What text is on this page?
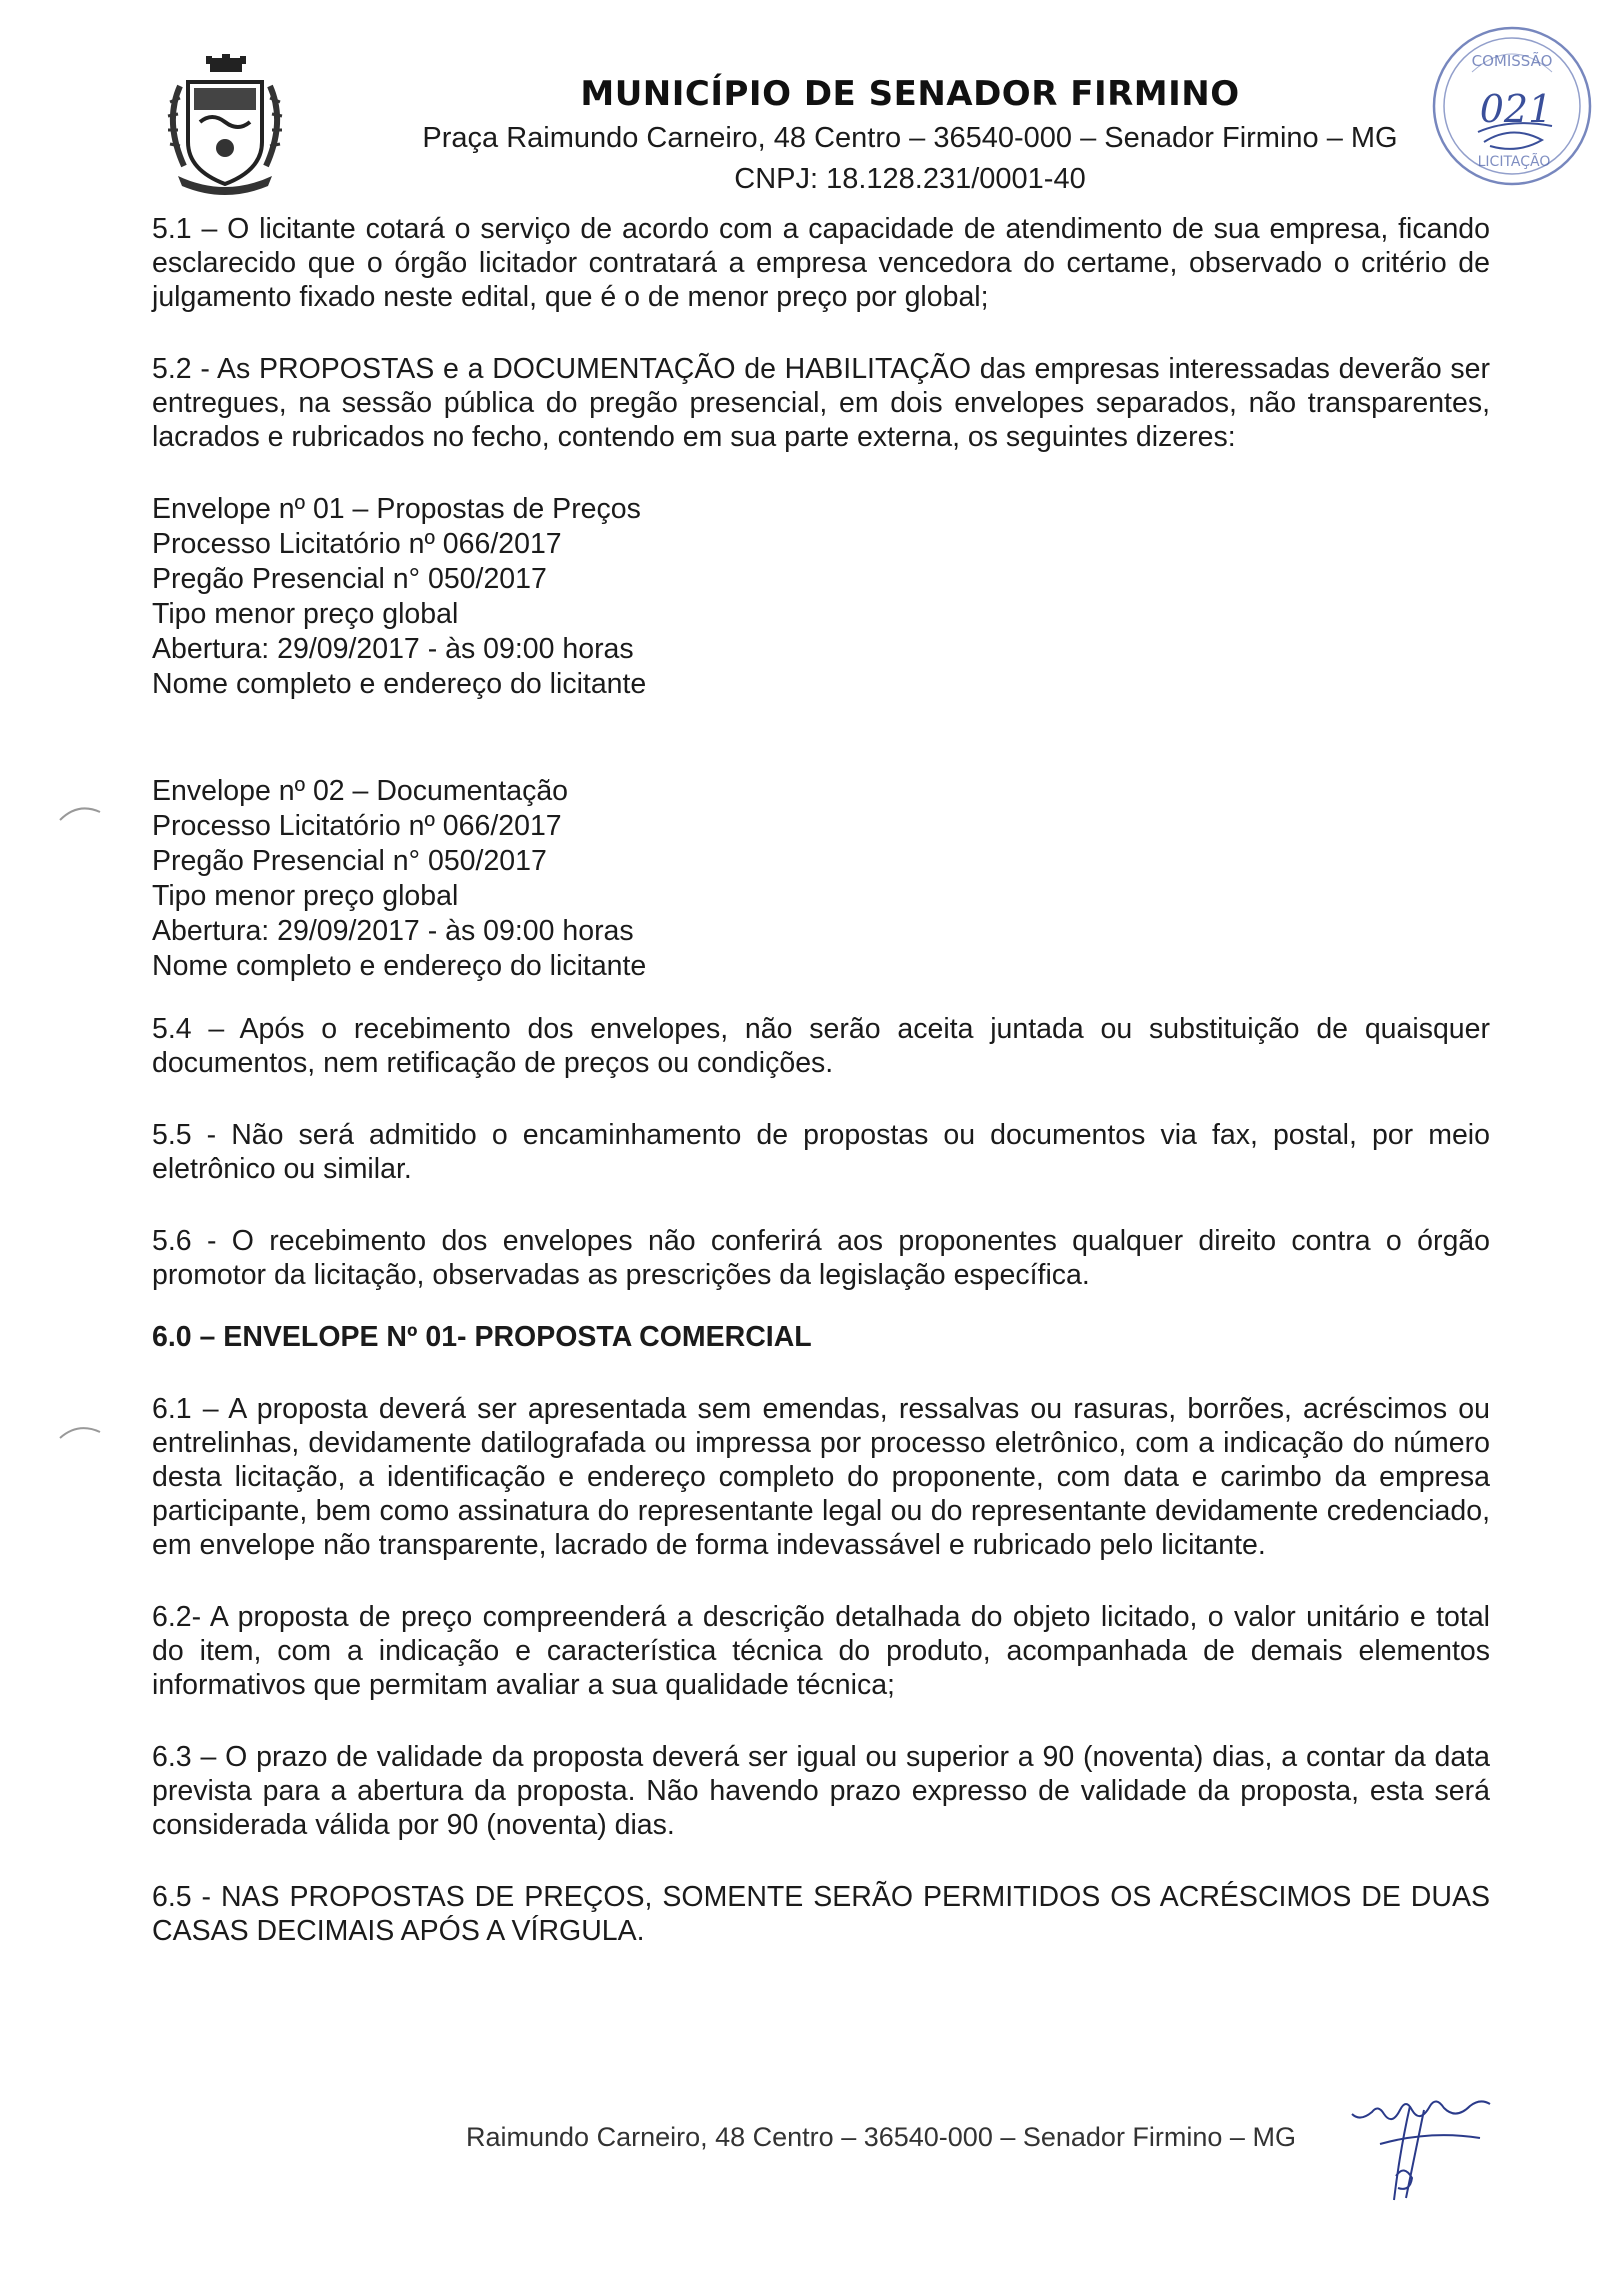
MUNICÍPIO DE SENADOR FIRMINO

Praça Raimundo Carneiro, 48 Centro – 36540-000 – Senador Firmino – MG

CNPJ: 18.128.231/0001-40

COMISSÃO
021
LICITAÇÃO

5.1 – O licitante cotará o serviço de acordo com a capacidade de atendimento de sua empresa, ficando esclarecido que o órgão licitador contratará a empresa vencedora do certame, observado o critério de julgamento fixado neste edital, que é o de menor preço por global;

5.2 - As PROPOSTAS e a DOCUMENTAÇÃO de HABILITAÇÃO das empresas interessadas deverão ser entregues, na sessão pública do pregão presencial, em dois envelopes separados, não transparentes, lacrados e rubricados no fecho, contendo em sua parte externa, os seguintes dizeres:

Envelope nº 01 – Propostas de Preços
Processo Licitatório nº 066/2017
Pregão Presencial n° 050/2017
Tipo menor preço global
Abertura: 29/09/2017 - às 09:00 horas
Nome completo e endereço do licitante
Envelope nº 02 – Documentação
Processo Licitatório nº 066/2017
Pregão Presencial n° 050/2017
Tipo menor preço global
Abertura: 29/09/2017 - às 09:00 horas
Nome completo e endereço do licitante

5.4 – Após o recebimento dos envelopes, não serão aceita juntada ou substituição de quaisquer documentos, nem retificação de preços ou condições.

5.5 - Não será admitido o encaminhamento de propostas ou documentos via fax, postal, por meio eletrônico ou similar.

5.6 - O recebimento dos envelopes não conferirá aos proponentes qualquer direito contra o órgão promotor da licitação, observadas as prescrições da legislação específica.

6.0 – ENVELOPE Nº 01- PROPOSTA COMERCIAL

6.1 – A proposta deverá ser apresentada sem emendas, ressalvas ou rasuras, borrões, acréscimos ou entrelinhas, devidamente datilografada ou impressa por processo eletrônico, com a indicação do número desta licitação, a identificação e endereço completo do proponente, com data e carimbo da empresa participante, bem como assinatura do representante legal ou do representante devidamente credenciado, em envelope não transparente, lacrado de forma indevassável e rubricado pelo licitante.

6.2- A proposta de preço compreenderá a descrição detalhada do objeto licitado, o valor unitário e total do item, com a indicação e característica técnica do produto, acompanhada de demais elementos informativos que permitam avaliar a sua qualidade técnica;

6.3 – O prazo de validade da proposta deverá ser igual ou superior a 90 (noventa) dias, a contar da data prevista para a abertura da proposta. Não havendo prazo expresso de validade da proposta, esta será considerada válida por 90 (noventa) dias.

6.5 - NAS PROPOSTAS DE PREÇOS, SOMENTE SERÃO PERMITIDOS OS ACRÉSCIMOS DE DUAS CASAS DECIMAIS APÓS A VÍRGULA.

Raimundo Carneiro, 48 Centro – 36540-000 – Senador Firmino – MG
